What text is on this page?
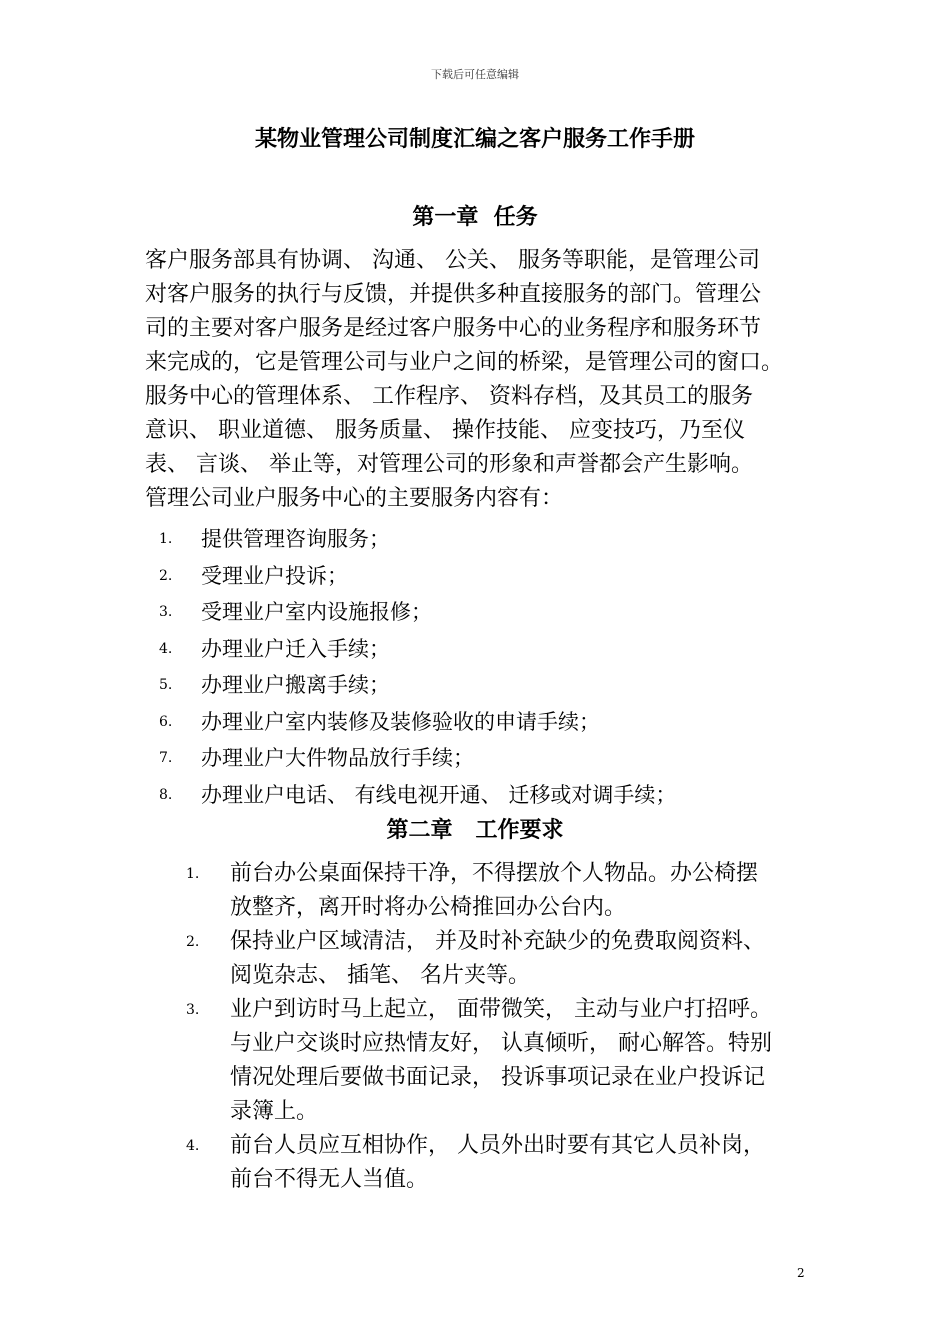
下载后可任意编辑
某物业管理公司制度汇编之客户服务工作手册
第一章  任务

客户服务部具有协调、 沟通、 公关、 服务等职能，是管理公司
对客户服务的执行与反馈，并提供多种直接服务的部门。管理公
司的主要对客户服务是经过客户服务中心的业务程序和服务环节
来完成的，它是管理公司与业户之间的桥梁，是管理公司的窗口。
服务中心的管理体系、 工作程序、 资料存档，及其员工的服务
意识、 职业道德、 服务质量、 操作技能、 应变技巧，乃至仪
表、 言谈、 举止等，对管理公司的形象和声誉都会产生影响。
管理公司业户服务中心的主要服务内容有：

1. 提供管理咨询服务；
2. 受理业户投诉；
3. 受理业户室内设施报修；
4. 办理业户迁入手续；
5. 办理业户搬离手续；
6. 办理业户室内装修及装修验收的申请手续；
7. 办理业户大件物品放行手续；
8. 办理业户电话、 有线电视开通、 迁移或对调手续；
第二章   工作要求
1. 前台办公桌面保持干净，不得摆放个人物品。办公椅摆
放整齐，离开时将办公椅推回办公台内。
2. 保持业户区域清洁， 并及时补充缺少的免费取阅资料、
阅览杂志、 插笔、 名片夹等。
3. 业户到访时马上起立， 面带微笑， 主动与业户打招呼。
与业户交谈时应热情友好， 认真倾听， 耐心解答。特别
情况处理后要做书面记录， 投诉事项记录在业户投诉记
录簿上。
4. 前台人员应互相协作， 人员外出时要有其它人员补岗，
前台不得无人当值。
2
